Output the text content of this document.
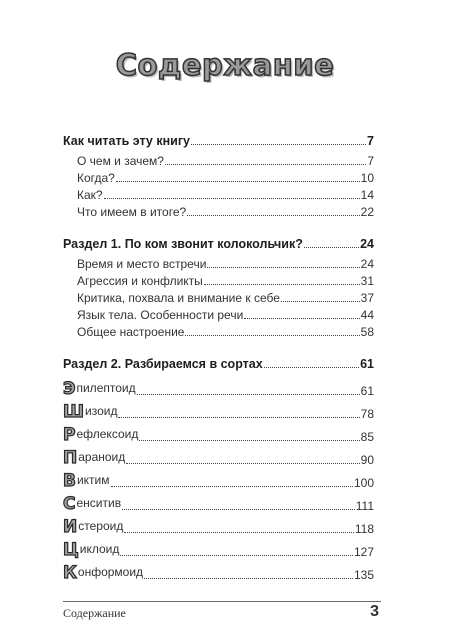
Содержание
Как читать эту книгу	7
О чем и зачем?	7
Когда?	10
Как?	14
Что имеем в итоге?	22
Раздел 1. По ком звонит колокольчик?	24
Время и место встречи	24
Агрессия и конфликты	31
Критика, похвала и внимание к себе	37
Язык тела. Особенности речи	44
Общее настроение	58
Раздел 2. Разбираемся в сортах	61
Эпилептоид	61
Шизоид	78
Рефлексоид	85
Параноид	90
Виктим	100
Сенситив	111
Истероид	118
Циклоид	127
Конформоид	135
Содержание	3
